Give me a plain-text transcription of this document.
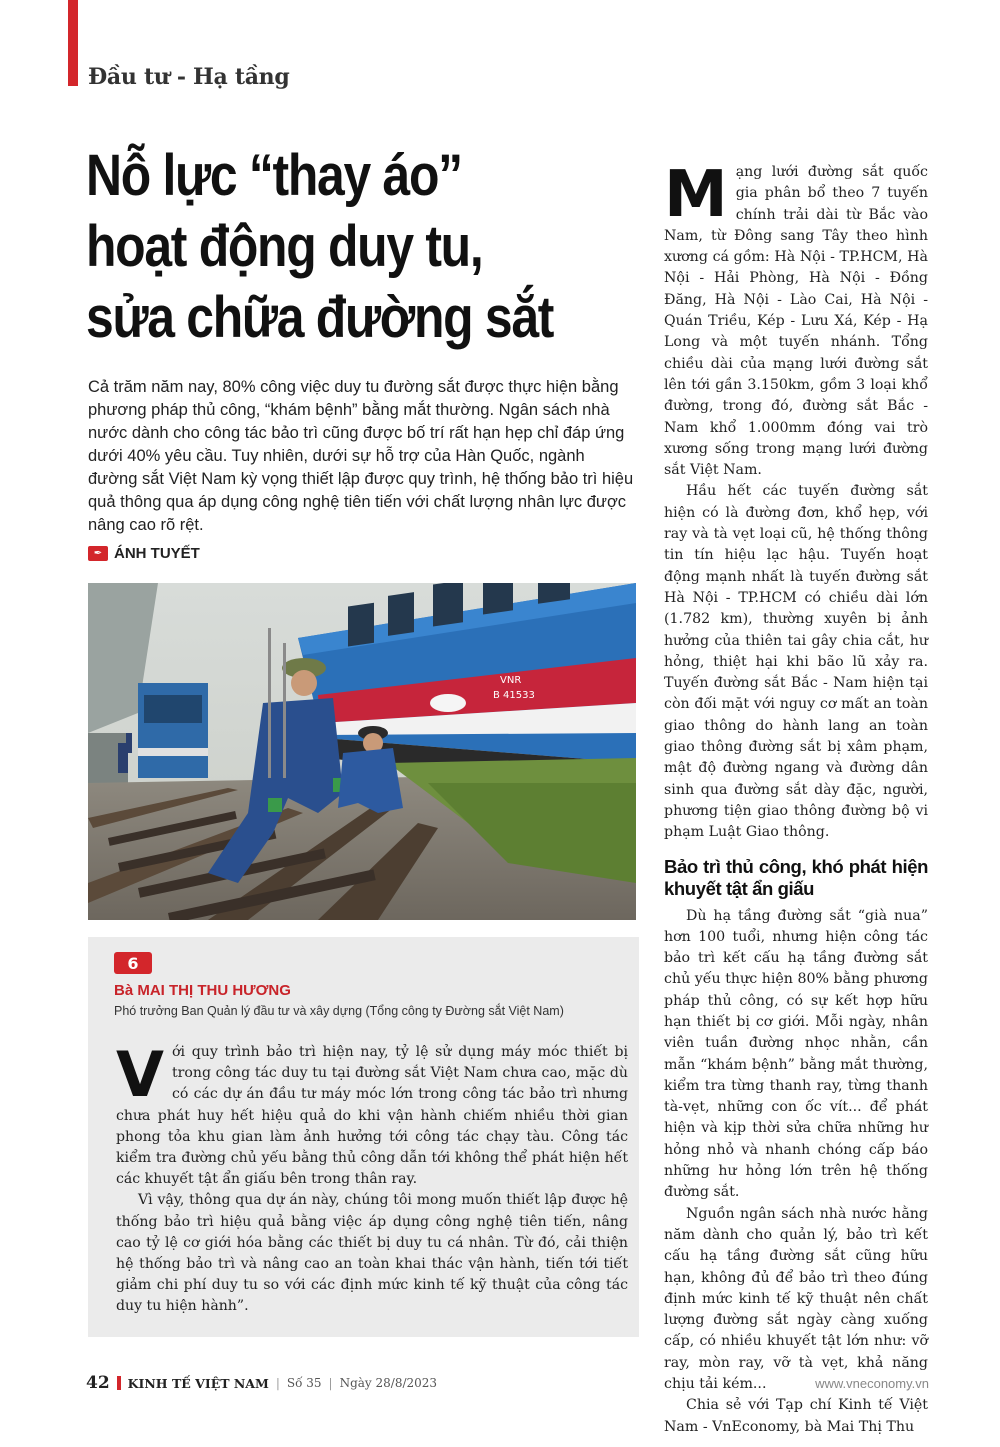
Đầu tư - Hạ tầng
Nỗ lực “thay áo”
hoạt động duy tu,
sửa chữa đường sắt
Cả trăm năm nay, 80% công việc duy tu đường sắt được thực hiện bằng phương pháp thủ công, “khám bệnh” bằng mắt thường. Ngân sách nhà nước dành cho công tác bảo trì cũng được bố trí rất hạn hẹp chỉ đáp ứng dưới 40% yêu cầu. Tuy nhiên, dưới sự hỗ trợ của Hàn Quốc, ngành đường sắt Việt Nam kỳ vọng thiết lập được quy trình, hệ thống bảo trì hiệu quả thông qua áp dụng công nghệ tiên tiến với chất lượng nhân lực được nâng cao rõ rệt.
✒ ÁNH TUYẾT
VNR
B 41533
6
Bà MAI THỊ THU HƯƠNG
Phó trưởng Ban Quản lý đầu tư và xây dựng (Tổng công ty Đường sắt Việt Nam)
V ới quy trình bảo trì hiện nay, tỷ lệ sử dụng máy móc thiết bị trong công tác duy tu tại đường sắt Việt Nam chưa cao, mặc dù có các dự án đầu tư máy móc lớn trong công tác bảo trì nhưng chưa phát huy hết hiệu quả do khi vận hành chiếm nhiều thời gian phong tỏa khu gian làm ảnh hưởng tới công tác chạy tàu. Công tác kiểm tra đường chủ yếu bằng thủ công dẫn tới không thể phát hiện hết các khuyết tật ẩn giấu bên trong thân ray.

Vì vậy, thông qua dự án này, chúng tôi mong muốn thiết lập được hệ thống bảo trì hiệu quả bằng việc áp dụng công nghệ tiên tiến, nâng cao tỷ lệ cơ giới hóa bằng các thiết bị duy tu cá nhân. Từ đó, cải thiện hệ thống bảo trì và nâng cao an toàn khai thác vận hành, tiến tới tiết giảm chi phí duy tu so với các định mức kinh tế kỹ thuật của công tác duy tu hiện hành”.

M ạng lưới đường sắt quốc gia phân bổ theo 7 tuyến chính trải dài từ Bắc vào Nam, từ Đông sang Tây theo hình xương cá gồm: Hà Nội - TP.HCM, Hà Nội - Hải Phòng, Hà Nội - Đồng Đăng, Hà Nội - Lào Cai, Hà Nội - Quán Triều, Kép - Lưu Xá, Kép - Hạ Long và một tuyến nhánh. Tổng chiều dài của mạng lưới đường sắt lên tới gần 3.150km, gồm 3 loại khổ đường, trong đó, đường sắt Bắc - Nam khổ 1.000mm đóng vai trò xương sống trong mạng lưới đường sắt Việt Nam.

Hầu hết các tuyến đường sắt hiện có là đường đơn, khổ hẹp, với ray và tà vẹt loại cũ, hệ thống thông tin tín hiệu lạc hậu. Tuyến hoạt động mạnh nhất là tuyến đường sắt Hà Nội - TP.HCM có chiều dài lớn (1.782 km), thường xuyên bị ảnh hưởng của thiên tai gây chia cắt, hư hỏng, thiệt hại khi bão lũ xảy ra. Tuyến đường sắt Bắc - Nam hiện tại còn đối mặt với nguy cơ mất an toàn giao thông do hành lang an toàn giao thông đường sắt bị xâm phạm, mật độ đường ngang và đường dân sinh qua đường sắt dày đặc, người, phương tiện giao thông đường bộ vi phạm Luật Giao thông.

Bảo trì thủ công, khó phát hiện khuyết tật ẩn giấu

Dù hạ tầng đường sắt “già nua” hơn 100 tuổi, nhưng hiện công tác bảo trì kết cấu hạ tầng đường sắt chủ yếu thực hiện 80% bằng phương pháp thủ công, có sự kết hợp hữu hạn thiết bị cơ giới. Mỗi ngày, nhân viên tuần đường nhọc nhằn, cần mẫn “khám bệnh” bằng mắt thường, kiểm tra từng thanh ray, từng thanh tà-vẹt, những con ốc vít... để phát hiện và kịp thời sửa chữa những hư hỏng nhỏ và nhanh chóng cấp báo những hư hỏng lớn trên hệ thống đường sắt.

Nguồn ngân sách nhà nước hằng năm dành cho quản lý, bảo trì kết cấu hạ tầng đường sắt cũng hữu hạn, không đủ để bảo trì theo đúng định mức kinh tế kỹ thuật nên chất lượng đường sắt ngày càng xuống cấp, có nhiều khuyết tật lớn như: vỡ ray, mòn ray, vỡ tà vẹt, khả năng chịu tải kém...

Chia sẻ với Tạp chí Kinh tế Việt Nam - VnEconomy, bà Mai Thị Thu

42 KINH TẾ VIỆT NAM | Số 35 | Ngày 28/8/2023	www.vneconomy.vn
